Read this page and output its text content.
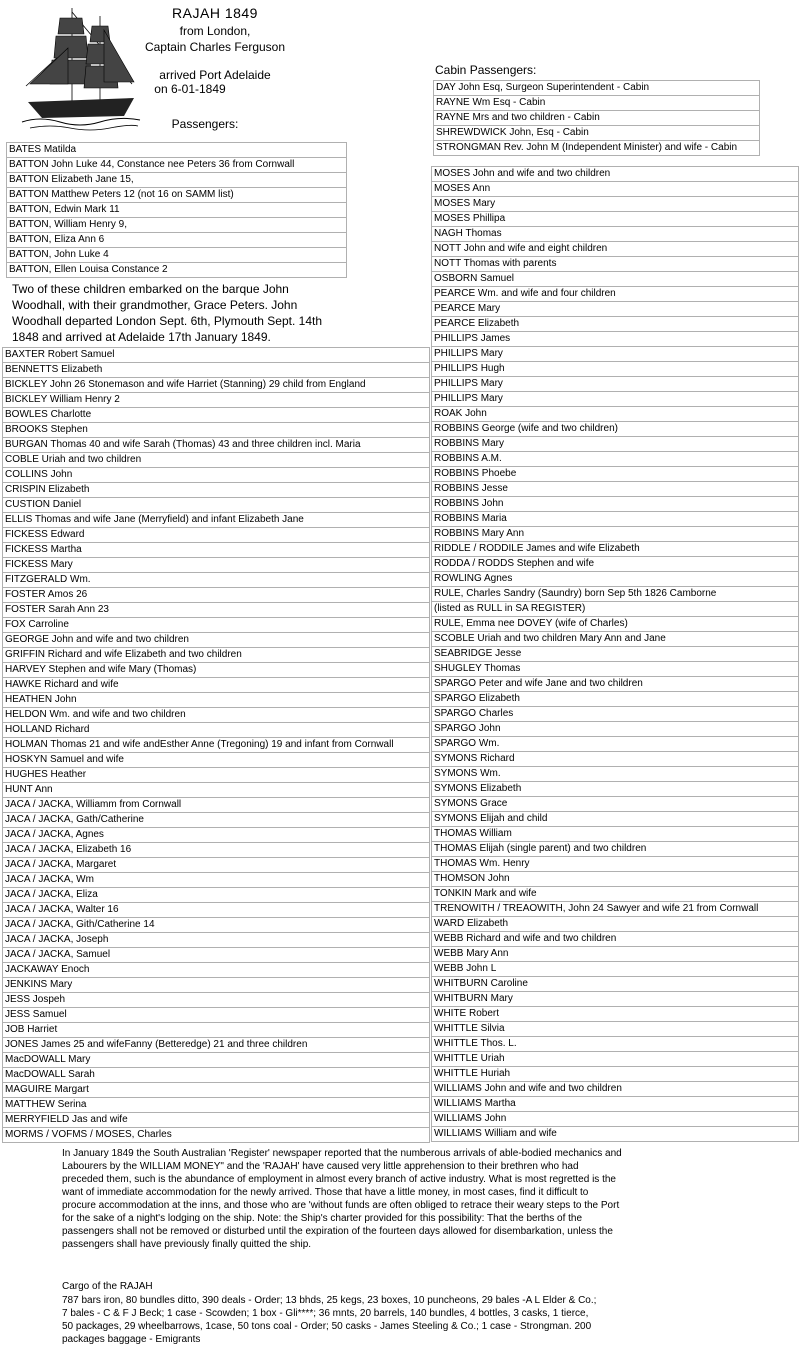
RAJAH 1849
from London,
Captain Charles Ferguson
arrived Port Adelaide
on 6-01-1849
Passengers:
Cabin Passengers:
DAY John Esq, Surgeon Superintendent - Cabin
RAYNE Wm Esq - Cabin
RAYNE Mrs and two children - Cabin
SHREWDWICK John, Esq - Cabin
STRONGMAN Rev. John M (Independent Minister) and wife - Cabin
BATES Matilda
BATTON John Luke 44, Constance nee Peters 36 from Cornwall
BATTON Elizabeth Jane 15,
BATTON Matthew Peters 12 (not 16 on SAMM list)
BATTON, Edwin Mark 11
BATTON, William Henry 9,
BATTON, Eliza Ann 6
BATTON, John Luke 4
BATTON, Ellen Louisa Constance 2
Two of these children embarked on the barque John Woodhall, with their grandmother, Grace Peters. John Woodhall departed London Sept. 6th, Plymouth Sept. 14th 1848 and arrived at Adelaide 17th January 1849.
BAXTER Robert Samuel
BENNETTS Elizabeth
BICKLEY John 26 Stonemason and wife Harriet (Stanning) 29 child from England
BICKLEY William Henry 2
BOWLES Charlotte
BROOKS Stephen
BURGAN Thomas 40 and wife Sarah (Thomas) 43 and three children incl. Maria
COBLE Uriah and two children
COLLINS John
CRISPIN Elizabeth
CUSTION Daniel
ELLIS Thomas and wife Jane (Merryfield) and infant Elizabeth Jane
FICKESS Edward
FICKESS Martha
FICKESS Mary
FITZGERALD Wm.
FOSTER Amos 26
FOSTER Sarah Ann 23
FOX Carroline
GEORGE John and wife and two children
GRIFFIN Richard and wife Elizabeth and two children
HARVEY Stephen and wife Mary (Thomas)
HAWKE Richard and wife
HEATHEN John
HELDON Wm. and wife and two children
HOLLAND Richard
HOLMAN Thomas 21 and wife andEsther Anne (Tregoning) 19 and infant from Cornwall
HOSKYN Samuel and wife
HUGHES Heather
HUNT Ann
JACA / JACKA, Williamm from Cornwall
JACA / JACKA, Gath/Catherine
JACA / JACKA, Agnes
JACA / JACKA, Elizabeth 16
JACA / JACKA, Margaret
JACA / JACKA, Wm
JACA / JACKA, Eliza
JACA / JACKA, Walter 16
JACA / JACKA, Gith/Catherine 14
JACA / JACKA, Joseph
JACA / JACKA, Samuel
JACKAWAY Enoch
JENKINS Mary
JESS Jospeh
JESS Samuel
JOB Harriet
JONES James 25 and wifeFanny (Betteredge) 21 and three children
MacDOWALL Mary
MacDOWALL Sarah
MAGUIRE Margart
MATTHEW Serina
MERRYFIELD Jas and wife
MORMS / VOFMS / MOSES, Charles
MOSES John and wife and two children
MOSES Ann
MOSES Mary
MOSES Phillipa
NAGH Thomas
NOTT John and wife and eight children
NOTT Thomas with parents
OSBORN Samuel
PEARCE Wm. and wife and four children
PEARCE Mary
PEARCE Elizabeth
PHILLIPS James
PHILLIPS Mary
PHILLIPS Hugh
PHILLIPS Mary
PHILLIPS Mary
ROAK John
ROBBINS George (wife and two children)
ROBBINS Mary
ROBBINS A.M.
ROBBINS Phoebe
ROBBINS Jesse
ROBBINS John
ROBBINS Maria
ROBBINS Mary Ann
RIDDLE / RODDILE James and wife Elizabeth
RODDA / RODDS Stephen and wife
ROWLING Agnes
RULE, Charles Sandry (Saundry) born Sep 5th 1826 Camborne
(listed as RULL in SA REGISTER)
RULE, Emma nee DOVEY (wife of Charles)
SCOBLE Uriah and two children Mary Ann and Jane
SEABRIDGE Jesse
SHUGLEY Thomas
SPARGO Peter and wife Jane and two children
SPARGO Elizabeth
SPARGO Charles
SPARGO John
SPARGO Wm.
SYMONS Richard
SYMONS Wm.
SYMONS Elizabeth
SYMONS Grace
SYMONS Elijah and child
THOMAS William
THOMAS Elijah (single parent) and two children
THOMAS Wm. Henry
THOMSON John
TONKIN Mark and wife
TRENOWITH / TREAOWITH, John 24 Sawyer and wife 21 from Cornwall
WARD Elizabeth
WEBB Richard and wife and two children
WEBB Mary Ann
WEBB John L
WHITBURN Caroline
WHITBURN Mary
WHITE Robert
WHITTLE Silvia
WHITTLE Thos. L.
WHITTLE Uriah
WHITTLE Huriah
WILLIAMS John and wife and two children
WILLIAMS Martha
WILLIAMS John
WILLIAMS William and wife
In January 1849 the South Australian 'Register' newspaper reported that the numberous arrivals of able-bodied mechanics and Labourers by the WILLIAM MONEY" and the 'RAJAH' have caused very little apprehension to their brethren who had preceded them, such is the abundance of employment in almost every branch of active industry. What is most regretted is the want of immediate accommodation for the newly arrived. Those that have a little money, in most cases, find it difficult to procure accommodation at the inns, and those who are 'without funds are often obliged to retrace their weary steps to the Port for the sake of a night's lodging on the ship. Note: the Ship's charter provided for this possibility: That the berths of the passengers shall not be removed or disturbed until the expiration of the fourteen days allowed for disembarkation, unless the passengers shall have previously finally quitted the ship.
Cargo of the RAJAH
787 bars iron, 80 bundles ditto, 390 deals - Order; 13 bhds, 25 kegs, 23 boxes, 10 puncheons, 29 bales -A L Elder & Co.; 7 bales - C & F J Beck; 1 case - Scowden; 1 box - Gli****; 36 mnts, 20 barrels, 140 bundles, 4 bottles, 3 casks, 1 tierce, 50 packages, 29 wheelbarrows, 1case, 50 tons coal - Order; 50 casks - James Steeling & Co.; 1 case - Strongman. 200 packages baggage - Emigrants
